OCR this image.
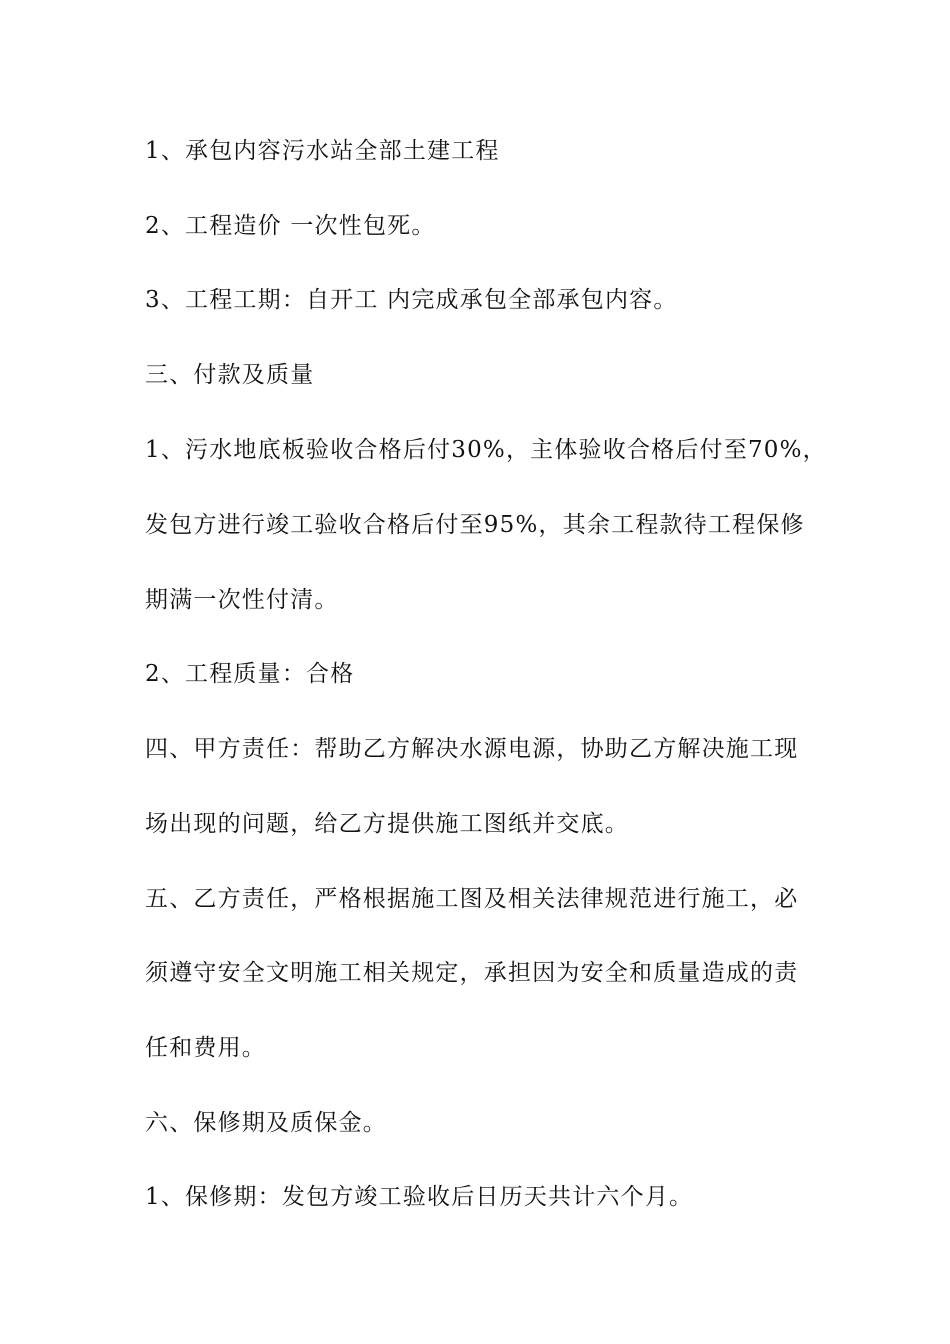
1、承包内容污水站全部土建工程
2、工程造价 一次性包死。
3、工程工期：自开工 内完成承包全部承包内容。
三、付款及质量
1、污水地底板验收合格后付30%，主体验收合格后付至70%，
发包方进行竣工验收合格后付至95%，其余工程款待工程保修
期满一次性付清。
2、工程质量：合格
四、甲方责任：帮助乙方解决水源电源，协助乙方解决施工现
场出现的问题，给乙方提供施工图纸并交底。
五、乙方责任，严格根据施工图及相关法律规范进行施工，必
须遵守安全文明施工相关规定，承担因为安全和质量造成的责
任和费用。
六、保修期及质保金。
1、保修期：发包方竣工验收后日历天共计六个月。
